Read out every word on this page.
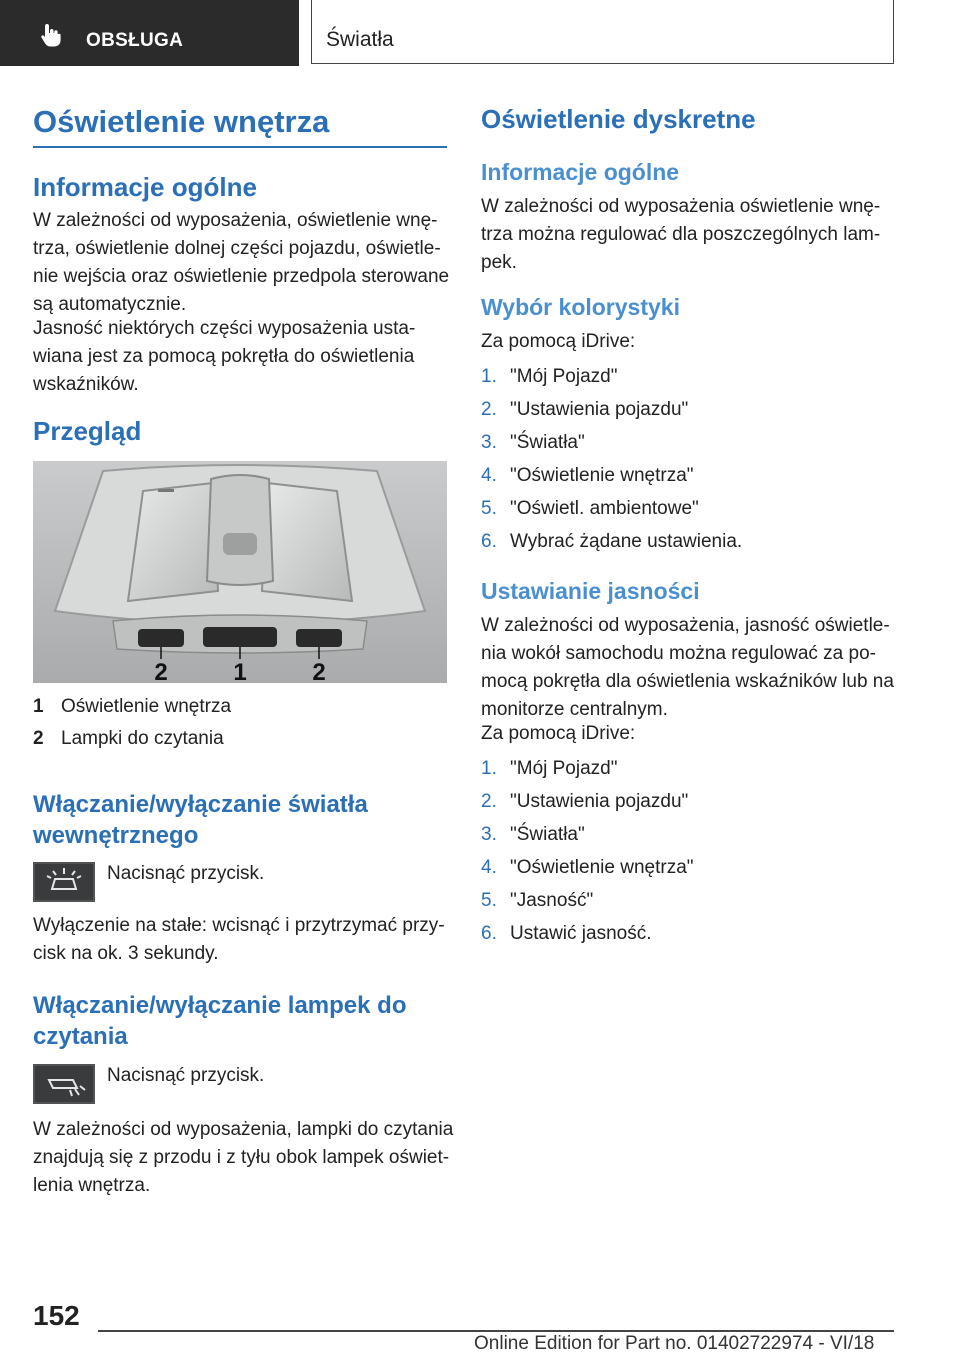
OBSŁUGA	Światła
Oświetlenie wnętrza
Informacje ogólne
W zależności od wyposażenia, oświetlenie wnę-
trza, oświetlenie dolnej części pojazdu, oświetle-
nie wejścia oraz oświetlenie przedpola sterowane
są automatycznie.
Jasność niektórych części wyposażenia usta-
wiana jest za pomocą pokrętła do oświetlenia
wskaźników.
Przegląd
2	1	2
1 Oświetlenie wnętrza
2 Lampki do czytania
Włączanie/wyłączanie światła
wewnętrznego
Nacisnąć przycisk.
Wyłączenie na stałe: wcisnąć i przytrzymać przy-
cisk na ok. 3 sekundy.
Włączanie/wyłączanie lampek do
czytania
Nacisnąć przycisk.
W zależności od wyposażenia, lampki do czytania
znajdują się z przodu i z tyłu obok lampek oświet-
lenia wnętrza.
Oświetlenie dyskretne
Informacje ogólne
W zależności od wyposażenia oświetlenie wnę-
trza można regulować dla poszczególnych lam-
pek.
Wybór kolorystyki
Za pomocą iDrive:
1. "Mój Pojazd"
2. "Ustawienia pojazdu"
3. "Światła"
4. "Oświetlenie wnętrza"
5. "Oświetl. ambientowe"
6. Wybrać żądane ustawienia.
Ustawianie jasności
W zależności od wyposażenia, jasność oświetle-
nia wokół samochodu można regulować za po-
mocą pokrętła dla oświetlenia wskaźników lub na
monitorze centralnym.
Za pomocą iDrive:
1. "Mój Pojazd"
2. "Ustawienia pojazdu"
3. "Światła"
4. "Oświetlenie wnętrza"
5. "Jasność"
6. Ustawić jasność.
152
Online Edition for Part no. 01402722974 - VI/18
